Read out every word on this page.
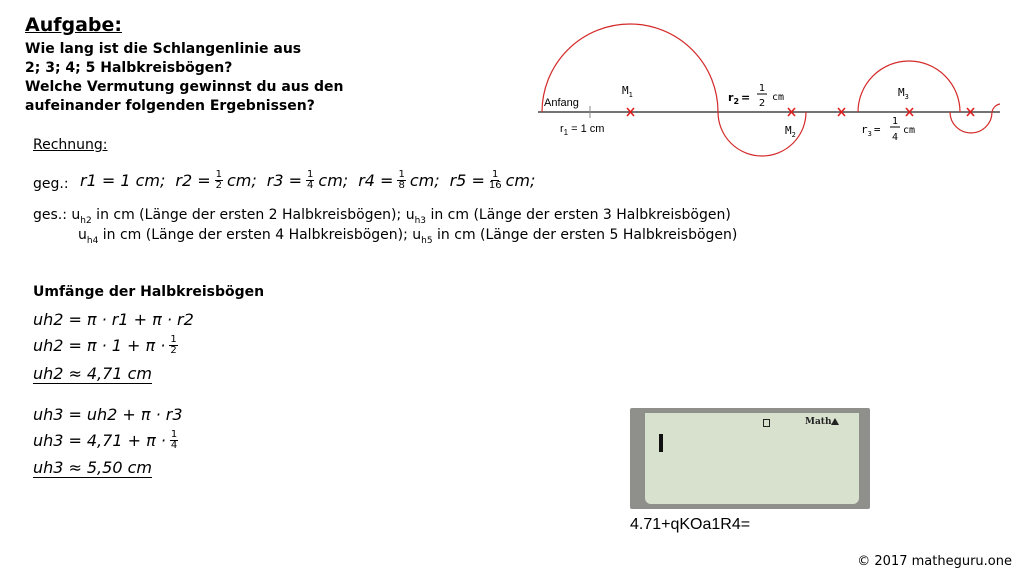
Aufgabe:
Wie lang ist die Schlangenlinie aus
2; 3; 4; 5 Halbkreisbögen?
Welche Vermutung gewinnst du aus den
aufeinander folgenden Ergebnissen?	Anfang
$r_1 = 1$ cm
$M_1$
$M_2$
$M_3$
$r_2$ =
1
2
cm
$r_3$ =
1
4
cm
Rechnung:
geg.: r1 = 1 cm; $r2 = \frac{1}{2}$ cm; $r3 = \frac{1}{4}$ cm; $r4 = \frac{1}{8}$ cm; $r5 = \frac{1}{16}$ cm;
ges.: $u_{h2}$ in cm (Länge der ersten 2 Halbkreisbögen); $u_{h3}$ in cm (Länge der ersten 3 Halbkreisbögen)
$u_{h4}$ in cm (Länge der ersten 4 Halbkreisbögen); $u_{h5}$ in cm (Länge der ersten 5 Halbkreisbögen)
Umfänge der Halbkreisbögen
uh2 = π · r1 + π · r2
$uh2 = \pi \cdot 1 + \pi \cdot \frac{1}{2}$
uh2 ≈ 4,71 cm
uh3 = uh2 + π · r3
$uh3 = 4,71 + \pi \cdot \frac{1}{4}$
uh3 ≈ 5,50 cm
Math
4.71+qKOa1R4=
© 2017 matheguru.one
